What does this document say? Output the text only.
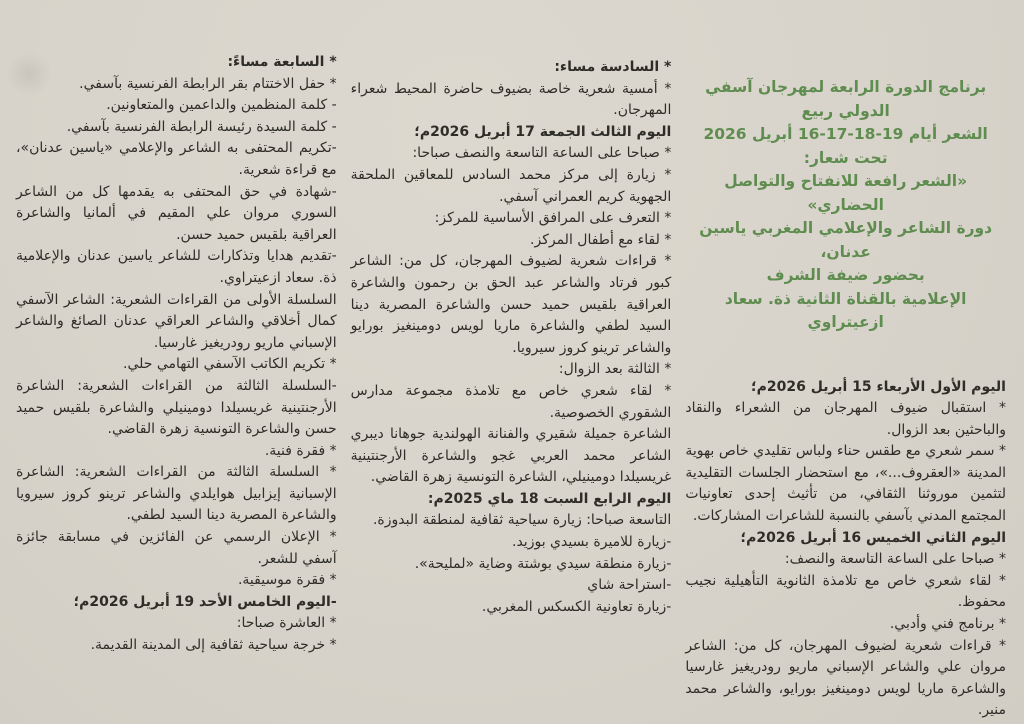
برنامج الدورة الرابعة لمهرجان آسفي الدولي ربيع
الشعر أيام 19-18-17-16 أبريل 2026
تحت شعار:
«الشعر رافعة للانفتاح والتواصل الحضاري»
دورة الشاعر والإعلامي المغربي ياسين عدنان،
بحضور ضيفة الشرف
الإعلامية بالقناة الثانية ذة. سعاد ازعيتراوي

اليوم الأول الأربعاء 15 أبريل 2026م؛

* استقبال ضيوف المهرجان من الشعراء والنقاد والباحثين بعد الزوال.

* سمر شعري مع طقس حناء ولباس تقليدي خاص بهوية المدينة «العقروف...»، مع استحضار الجلسات التقليدية لتثمين موروثنا الثقافي، من تأثيث إحدى تعاونيات المجتمع المدني بآسفي بالنسبة للشاعرات المشاركات.

اليوم الثاني الخميس 16 أبريل 2026م؛

* صباحا على الساعة التاسعة والنصف:

* لقاء شعري خاص مع تلامذة الثانوية التأهيلية نجيب محفوظ.

* برنامج فني وأدبي.

* قراءات شعرية لضيوف المهرجان، كل من: الشاعر مروان علي والشاعر الإسباني ماريو رودريغيز غارسيا والشاعرة ماريا لويس دومينغيز بورايو، والشاعر محمد منير.

* السادسة مساء:

* أمسية شعرية خاصة بضيوف حاضرة المحيط شعراء المهرجان.

اليوم الثالث الجمعة 17 أبريل 2026م؛

* صباحا على الساعة التاسعة والنصف صباحا:

* زيارة إلى مركز محمد السادس للمعاقين الملحقة الجهوية كريم العمراني آسفي.

* التعرف على المرافق الأساسية للمركز:

* لقاء مع أطفال المركز.

* قراءات شعرية لضيوف المهرجان، كل من: الشاعر كبور فرتاد والشاعر عبد الحق بن رحمون والشاعرة العراقية بلقيس حميد حسن والشاعرة المصرية دينا السيد لطفي والشاعرة ماريا لويس دومينغيز بورايو والشاعر ترينو كروز سيرويا.

* الثالثة بعد الزوال:

* لقاء شعري خاص مع تلامذة مجموعة مدارس الشقوري الخصوصية.

الشاعرة جميلة شقيري والفنانة الهولندية جوهانا ديبري الشاعر محمد العربي غجو والشاعرة الأرجنتينية غريسيلدا دومينيلي، الشاعرة التونسية زهرة القاضي.

اليوم الرابع السبت 18 ماي 2025م:

التاسعة صباحا: زيارة سياحية ثقافية لمنطقة البدوزة.

-زيارة للاميرة بسيدي بوزيد.

-زيارة منطقة سيدي بوشتة وضاية «لمليحة».

-استراحة شاي

-زيارة تعاونية الكسكس المغربي.

* السابعة مساءً:

* حفل الاختتام بقر الرابطة الفرنسية بآسفي.

- كلمة المنظمين والداعمين والمتعاونين.

- كلمة السيدة رئيسة الرابطة الفرنسية بآسفي.

-تكريم المحتفى به الشاعر والإعلامي «ياسين عدنان»، مع قراءة شعرية.

-شهادة في حق المحتفى به يقدمها كل من الشاعر السوري مروان علي المقيم في ألمانيا والشاعرة العراقية بلقيس حميد حسن.

-تقديم هدايا وتذكارات للشاعر ياسين عدنان والإعلامية ذة. سعاد ازعيتراوي.

السلسلة الأولى من القراءات الشعرية: الشاعر الآسفي كمال أخلاقي والشاعر العراقي عدنان الصائغ والشاعر الإسباني ماريو رودريغيز غارسيا.

* تكريم الكاتب الآسفي التهامي حلي.

-السلسلة الثالثة من القراءات الشعرية: الشاعرة الأرجنتينية غريسيلدا دومينيلي والشاعرة بلقيس حميد حسن والشاعرة التونسية زهرة القاضي.

* فقرة فنية.

* السلسلة الثالثة من القراءات الشعرية: الشاعرة الإسبانية إيزابيل هوايلدي والشاعر ترينو كروز سيرويا والشاعرة المصرية دينا السيد لطفي.

* الإعلان الرسمي عن الفائزين في مسابقة جائزة آسفي للشعر.

* فقرة موسيقية.

-اليوم الخامس الأحد 19 أبريل 2026م؛

* العاشرة صباحا:

* خرجة سياحية ثقافية إلى المدينة القديمة.
